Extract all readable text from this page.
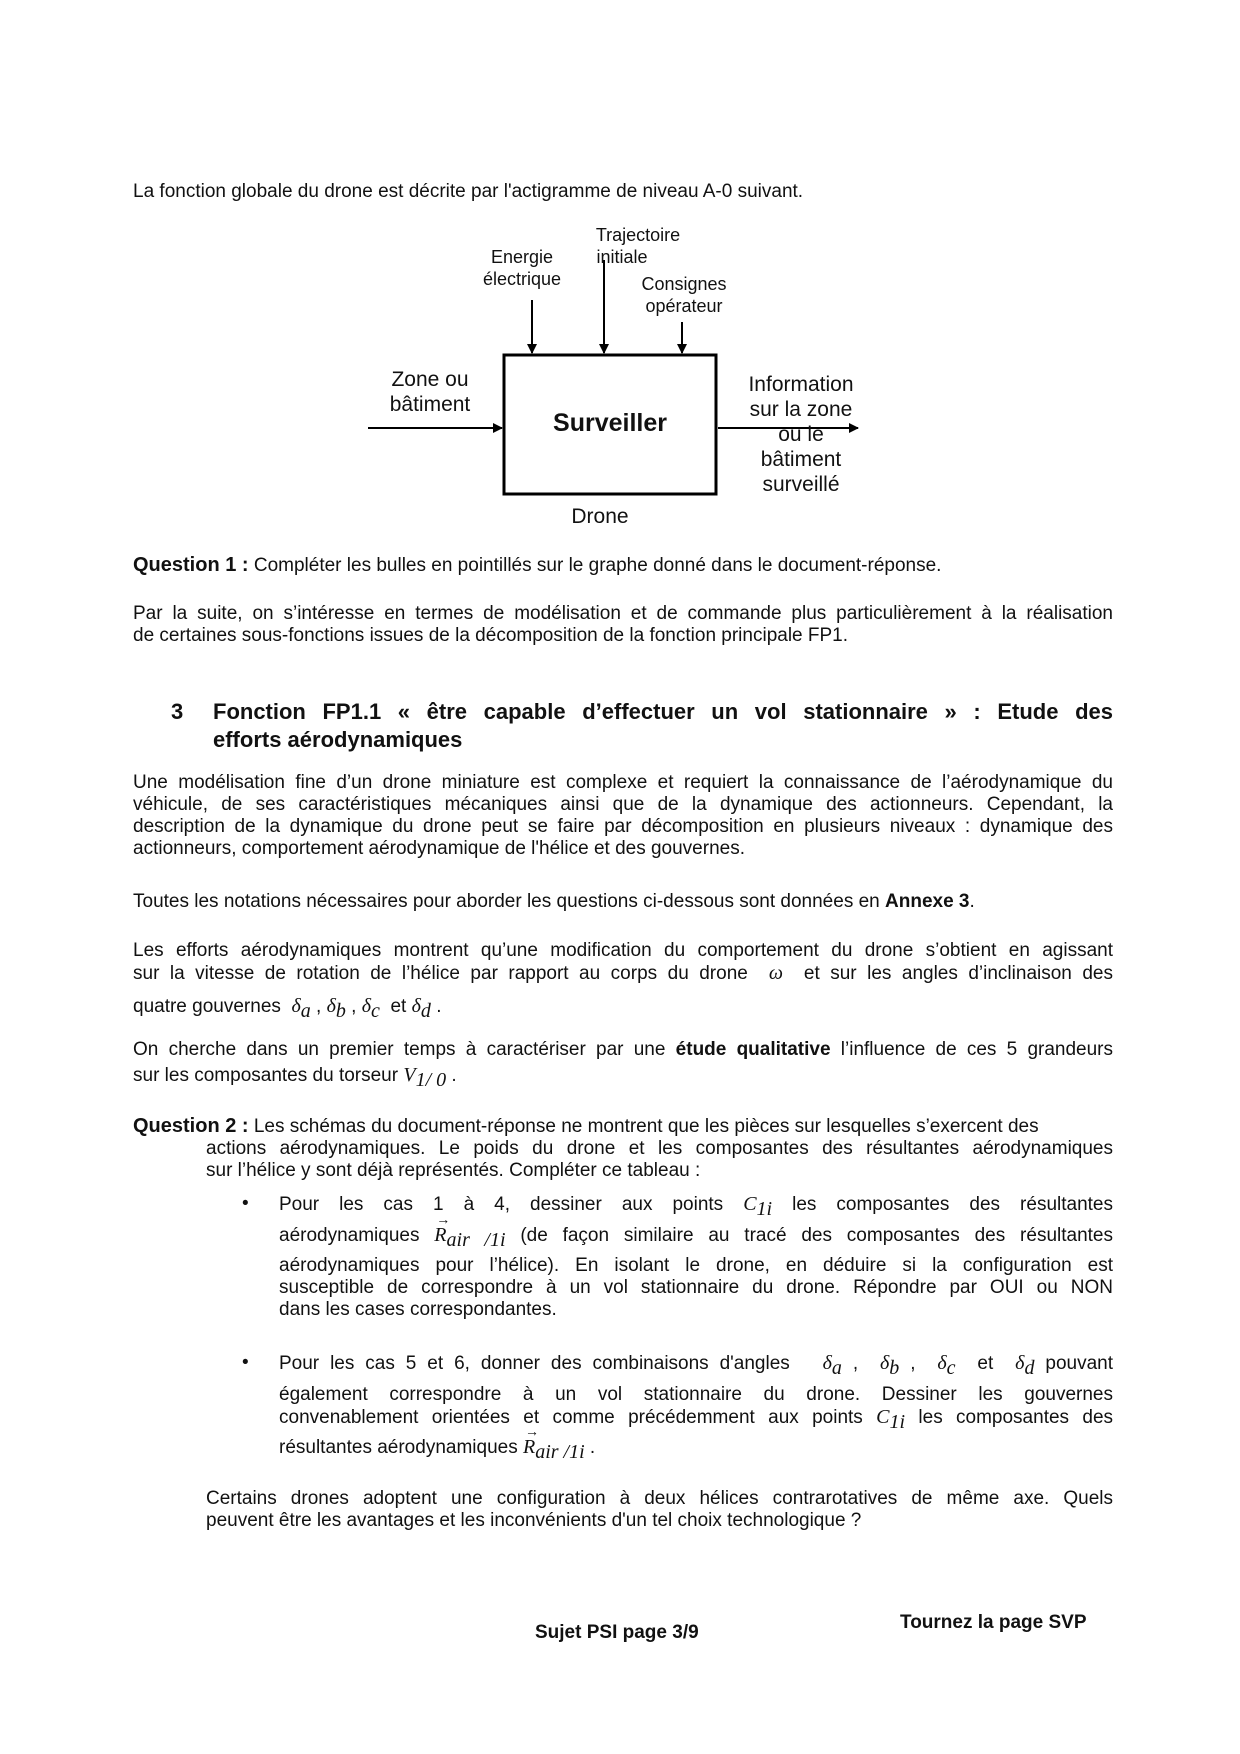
La fonction globale du drone est décrite par l'actigramme de niveau A-0 suivant.
Trajectoire
initiale
Energie
électrique	Consignes
opérateur
Zone ou
bâtiment
Surveiller
Information
sur la zone
ou le
bâtiment
surveillé
Drone
Question 1 : Compléter les bulles en pointillés sur le graphe donné dans le document-réponse.
Par la suite, on s’intéresse en termes de modélisation et de commande plus particulièrement à la réalisation
de certaines sous-fonctions issues de la décomposition de la fonction principale FP1.
3 Fonction FP1.1 « être capable d’effectuer un vol stationnaire » : Etude des
efforts aérodynamiques
Une modélisation fine d’un drone miniature est complexe et requiert la connaissance de l’aérodynamique du
véhicule, de ses caractéristiques mécaniques ainsi que de la dynamique des actionneurs. Cependant, la
description de la dynamique du drone peut se faire par décomposition en plusieurs niveaux : dynamique des
actionneurs, comportement aérodynamique de l'hélice et des gouvernes.
Toutes les notations nécessaires pour aborder les questions ci-dessous sont données en Annexe 3.
Les efforts aérodynamiques montrent qu’une modification du comportement du drone s’obtient en agissant
sur la vitesse de rotation de l’hélice par rapport au corps du drone ω et sur les angles d’inclinaison des
quatre gouvernes $\delta_a$ , $\delta_b$ , $\delta_c$ et $\delta_d$ .
On cherche dans un premier temps à caractériser par une étude qualitative l’influence de ces 5 grandeurs
sur les composantes du torseur $V_{1/ 0}$ .
Question 2 : Les schémas du document-réponse ne montrent que les pièces sur lesquelles s’exercent des
actions aérodynamiques. Le poids du drone et les composantes des résultantes aérodynamiques
sur l’hélice y sont déjà représentés. Compléter ce tableau :
• Pour les cas 1 à 4, dessiner aux points $C_{1i}$ les composantes des résultantes
aérodynamiques
→
$R_{air /1i}$ (de façon similaire au tracé des composantes des résultantes
aérodynamiques pour l’hélice). En isolant le drone, en déduire si la configuration est
susceptible de correspondre à un vol stationnaire du drone. Répondre par OUI ou NON
dans les cases correspondantes.
• Pour les cas 5 et 6, donner des combinaisons d'angles $\delta_a$ ,  $\delta_b$ ,  $\delta_c$ et $\delta_d$ pouvant
également correspondre à un vol stationnaire du drone. Dessiner les gouvernes
convenablement orientées et comme précédemment aux points $C_{1i}$ les composantes des
résultantes aérodynamiques
→
$R_{air /1i}$ .
Certains drones adoptent une configuration à deux hélices contrarotatives de même axe. Quels
peuvent être les avantages et les inconvénients d'un tel choix technologique ?
Sujet PSI page 3/9	Tournez la page SVP
